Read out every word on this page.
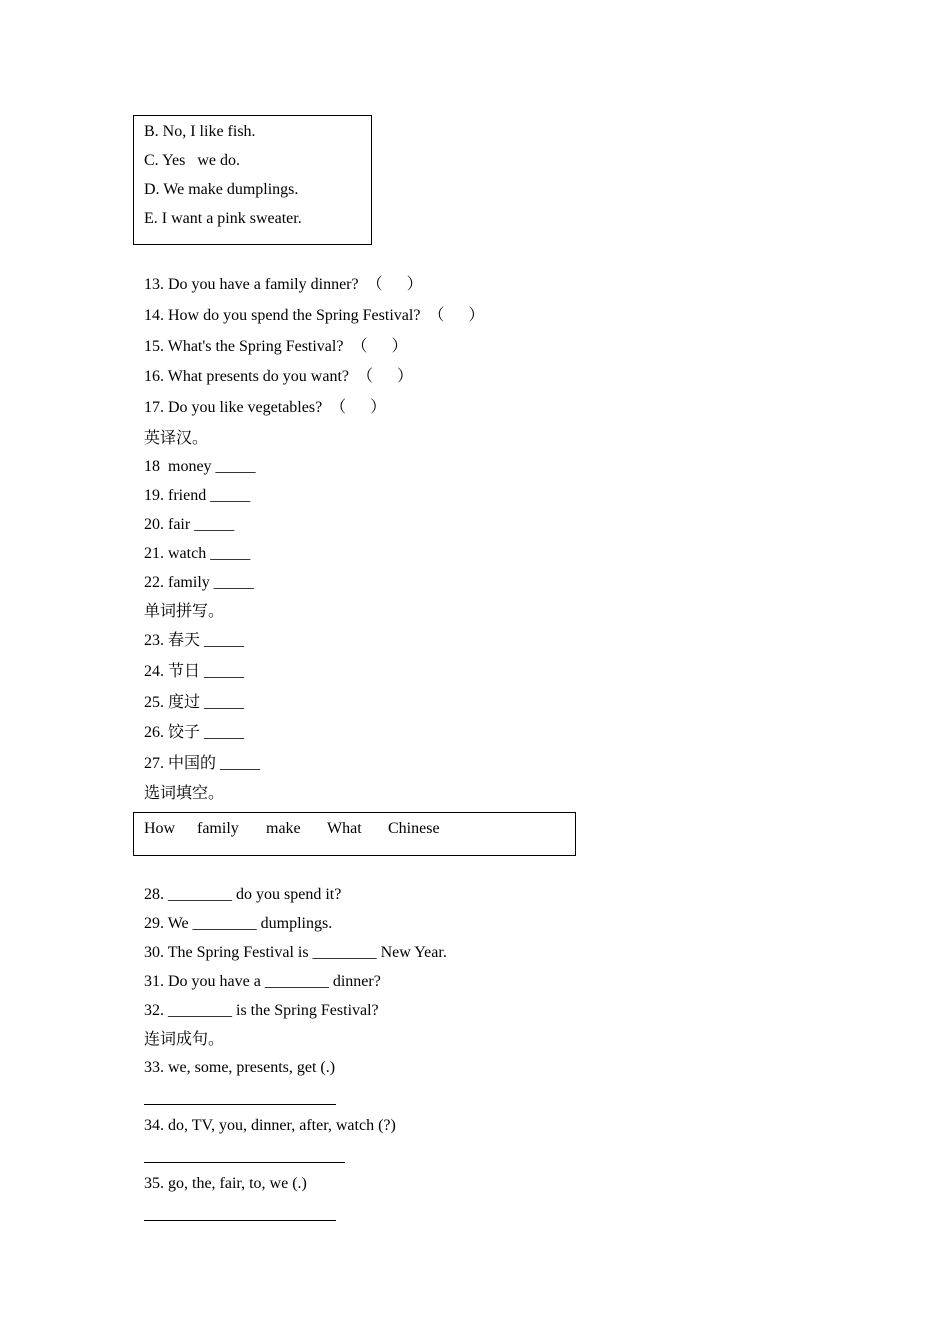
B. No, I like fish.
C. Yes   we do.
D. We make dumplings.
E. I want a pink sweater.
13. Do you have a family dinner?  （      ）
14. How do you spend the Spring Festival?  （      ）
15. What's the Spring Festival?  （      ）
16. What presents do you want?  （      ）
17. Do you like vegetables?  （      ）
英译汉。
18  money _____
19. friend _____
20. fair _____
21. watch _____
22. family _____
单词拼写。
23. 春天 _____
24. 节日 _____
25. 度过 _____
26. 饺子 _____
27. 中国的 _____
选词填空。
How family make What Chinese
28. ________ do you spend it?
29. We ________ dumplings.
30. The Spring Festival is ________ New Year.
31. Do you have a ________ dinner?
32. ________ is the Spring Festival?
连词成句。
33. we, some, presents, get (.)
34. do, TV, you, dinner, after, watch (?)
35. go, the, fair, to, we (.)
